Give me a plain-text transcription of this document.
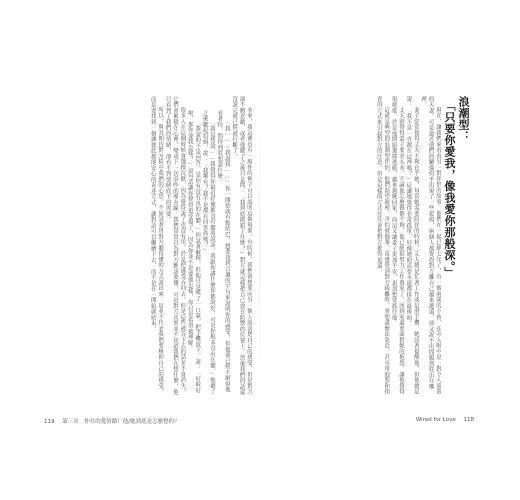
本來，我這裡也有一般性的例子可以說明這個現象。有時候，我們會想要向另一個人說清楚自己的感受，但是對方卻不願意聽，或者他聽了之後只是問：「我到底做錯了什麼？」對方就這樣把自己放在防禦的位置上，然後我們的話還沒說完就已經被打斷了。

「我一……我說我……」你一開始就有點結巴，想要找到合適的字句來說明你的感受，但他卻已經不耐煩地看著你，問你到底想說什麼。

「我是想說……我覺得你最近好像都沒有聽我說話，我跟你講什麼你都說好，可是你根本沒有在聽。」他聽了之後皺起眉頭，說：「我哪有？我不是都有回答你嗎？」

「我說的不是回答，是你有沒有真的在聽。」你試著解釋，但他只是嘆了一口氣，把手機放下，說：「好啦好啦，那你要我怎樣？」這句話讓你覺得更受傷了，因為你並不是要他怎樣，你只是希望被理解。

很多人在這個時候會選擇沉默，因為覺得說了也沒有用，於是把感受吞回去。但是這些被吞下去的話並不會消失，它們會累積在心裡，變成下一次爭吵的導火線。我們常常以為對方應該要懂，可是對方其實並不知道我們在想什麼，他只看到了我們的情緒，卻看不到情緒底下的需要。

所以，與其期待對方猜中我們的心思，不如試著用對方聽得懂的方式說出來。這並不代表我們要壓抑自己的感受，而是要找到一個讓彼此都能安心的表達方式，讓對話可以繼續下去，而不是在一開始就結束。	現在，讓我們來看看另一對伴侶的故事。他們在一起已經七年了，有一個兩歲的小孩，在旁人眼中是一對令人羨慕的夫妻。可是最近他們的關係似乎出現了一些裂痕，兩個人都覺得對方離自己越來越遠，卻又說不出問題到底出在哪裡。

妻子常常覺得丈夫不夠在乎她，每當她需要陪伴的時候，丈夫總是忙著工作或是滑手機。她試著提醒他，但他總是說：「我不是一直都在這裡嗎？」這讓她覺得非常孤單，好像她的需要永遠都排在最後面。

丈夫則覺得妻子要求太多，不論他怎麼做都不夠。他已經很努力工作養家了，回到家還要面對她的抱怨，讓他覺得很疲倦。於是他開始選擇逃避，越來越晚回家，而這又讓妻子更加不安，更加想要抓住他。

這就是典型的浪潮型伴侶。他們渴望親密，害怕被拋棄，當感覺到對方疏離時，會想盡辦法靠近，甚至用抱怨和指責的方式來引起對方的注意。但是這樣的方式往往會把對方推得更遠。	浪潮型：
「只要你愛我，像我愛你那般深。」
119 第三章　仲在的愛情路！他/她到底是怎麼想的？	Wired for Love 118
